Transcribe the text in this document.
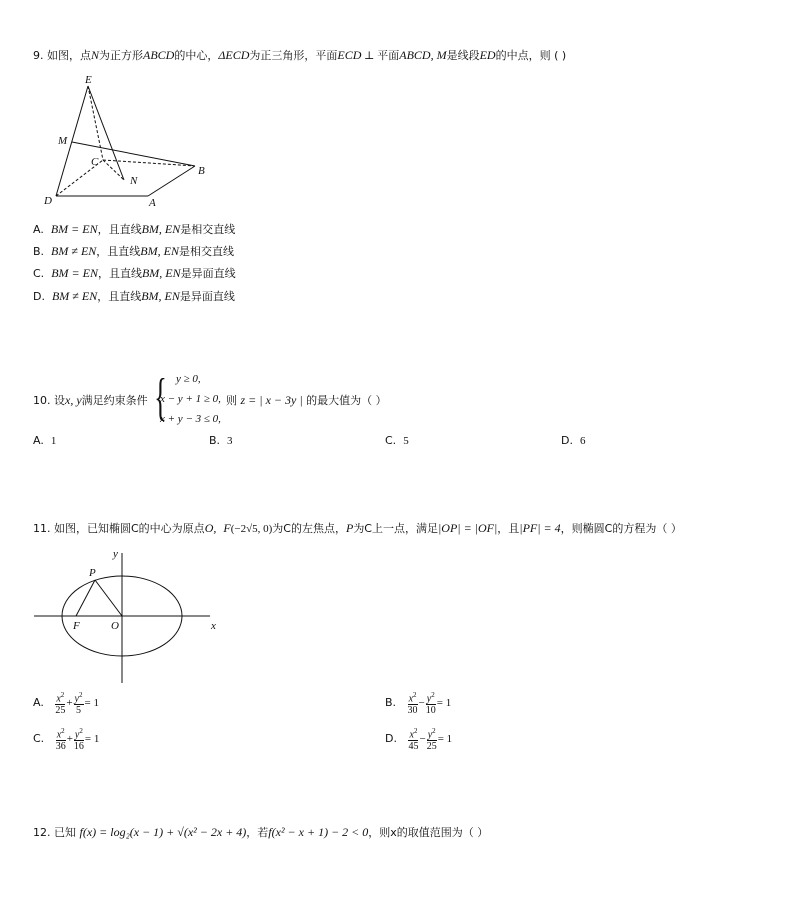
9. 如图，点N为正方形ABCD的中心，ΔECD为正三角形，平面ECD ⊥ 平面ABCD, M是线段ED的中点，则 ( )
E
M
C
N
B
D	A
A. BM = EN，且直线BM, EN是相交直线
B. BM ≠ EN，且直线BM, EN是相交直线
C. BM = EN，且直线BM, EN是异面直线
D. BM ≠ EN，且直线BM, EN是异面直线
10. 设x, y满足约束条件 { y ≥ 0,
x − y + 1 ≥ 0,
x + y − 3 ≤ 0,
则 z = | x − 3y | 的最大值为（ ）
A. 1	B. 3	C. 5	D. 6
11. 如图，已知椭圆C的中心为原点O, F(−2√5, 0)为C的左焦点，P为C上一点，满足|OP| = |OF|，且|PF| = 4，则椭圆C的方程为（ ）
y
x
P
F	O
A. $\frac{x^2}{25} + \frac{y^2}{5} = 1$	B. $\frac{x^2}{30} - \frac{y^2}{10} = 1$
C. $\frac{x^2}{36} + \frac{y^2}{16} = 1$	D. $\frac{x^2}{45} - \frac{y^2}{25} = 1$
12. 已知 f(x) = log₂(x − 1) + √(x² − 2x + 4)，若f(x² − x + 1) − 2 < 0，则x的取值范围为（ ）
